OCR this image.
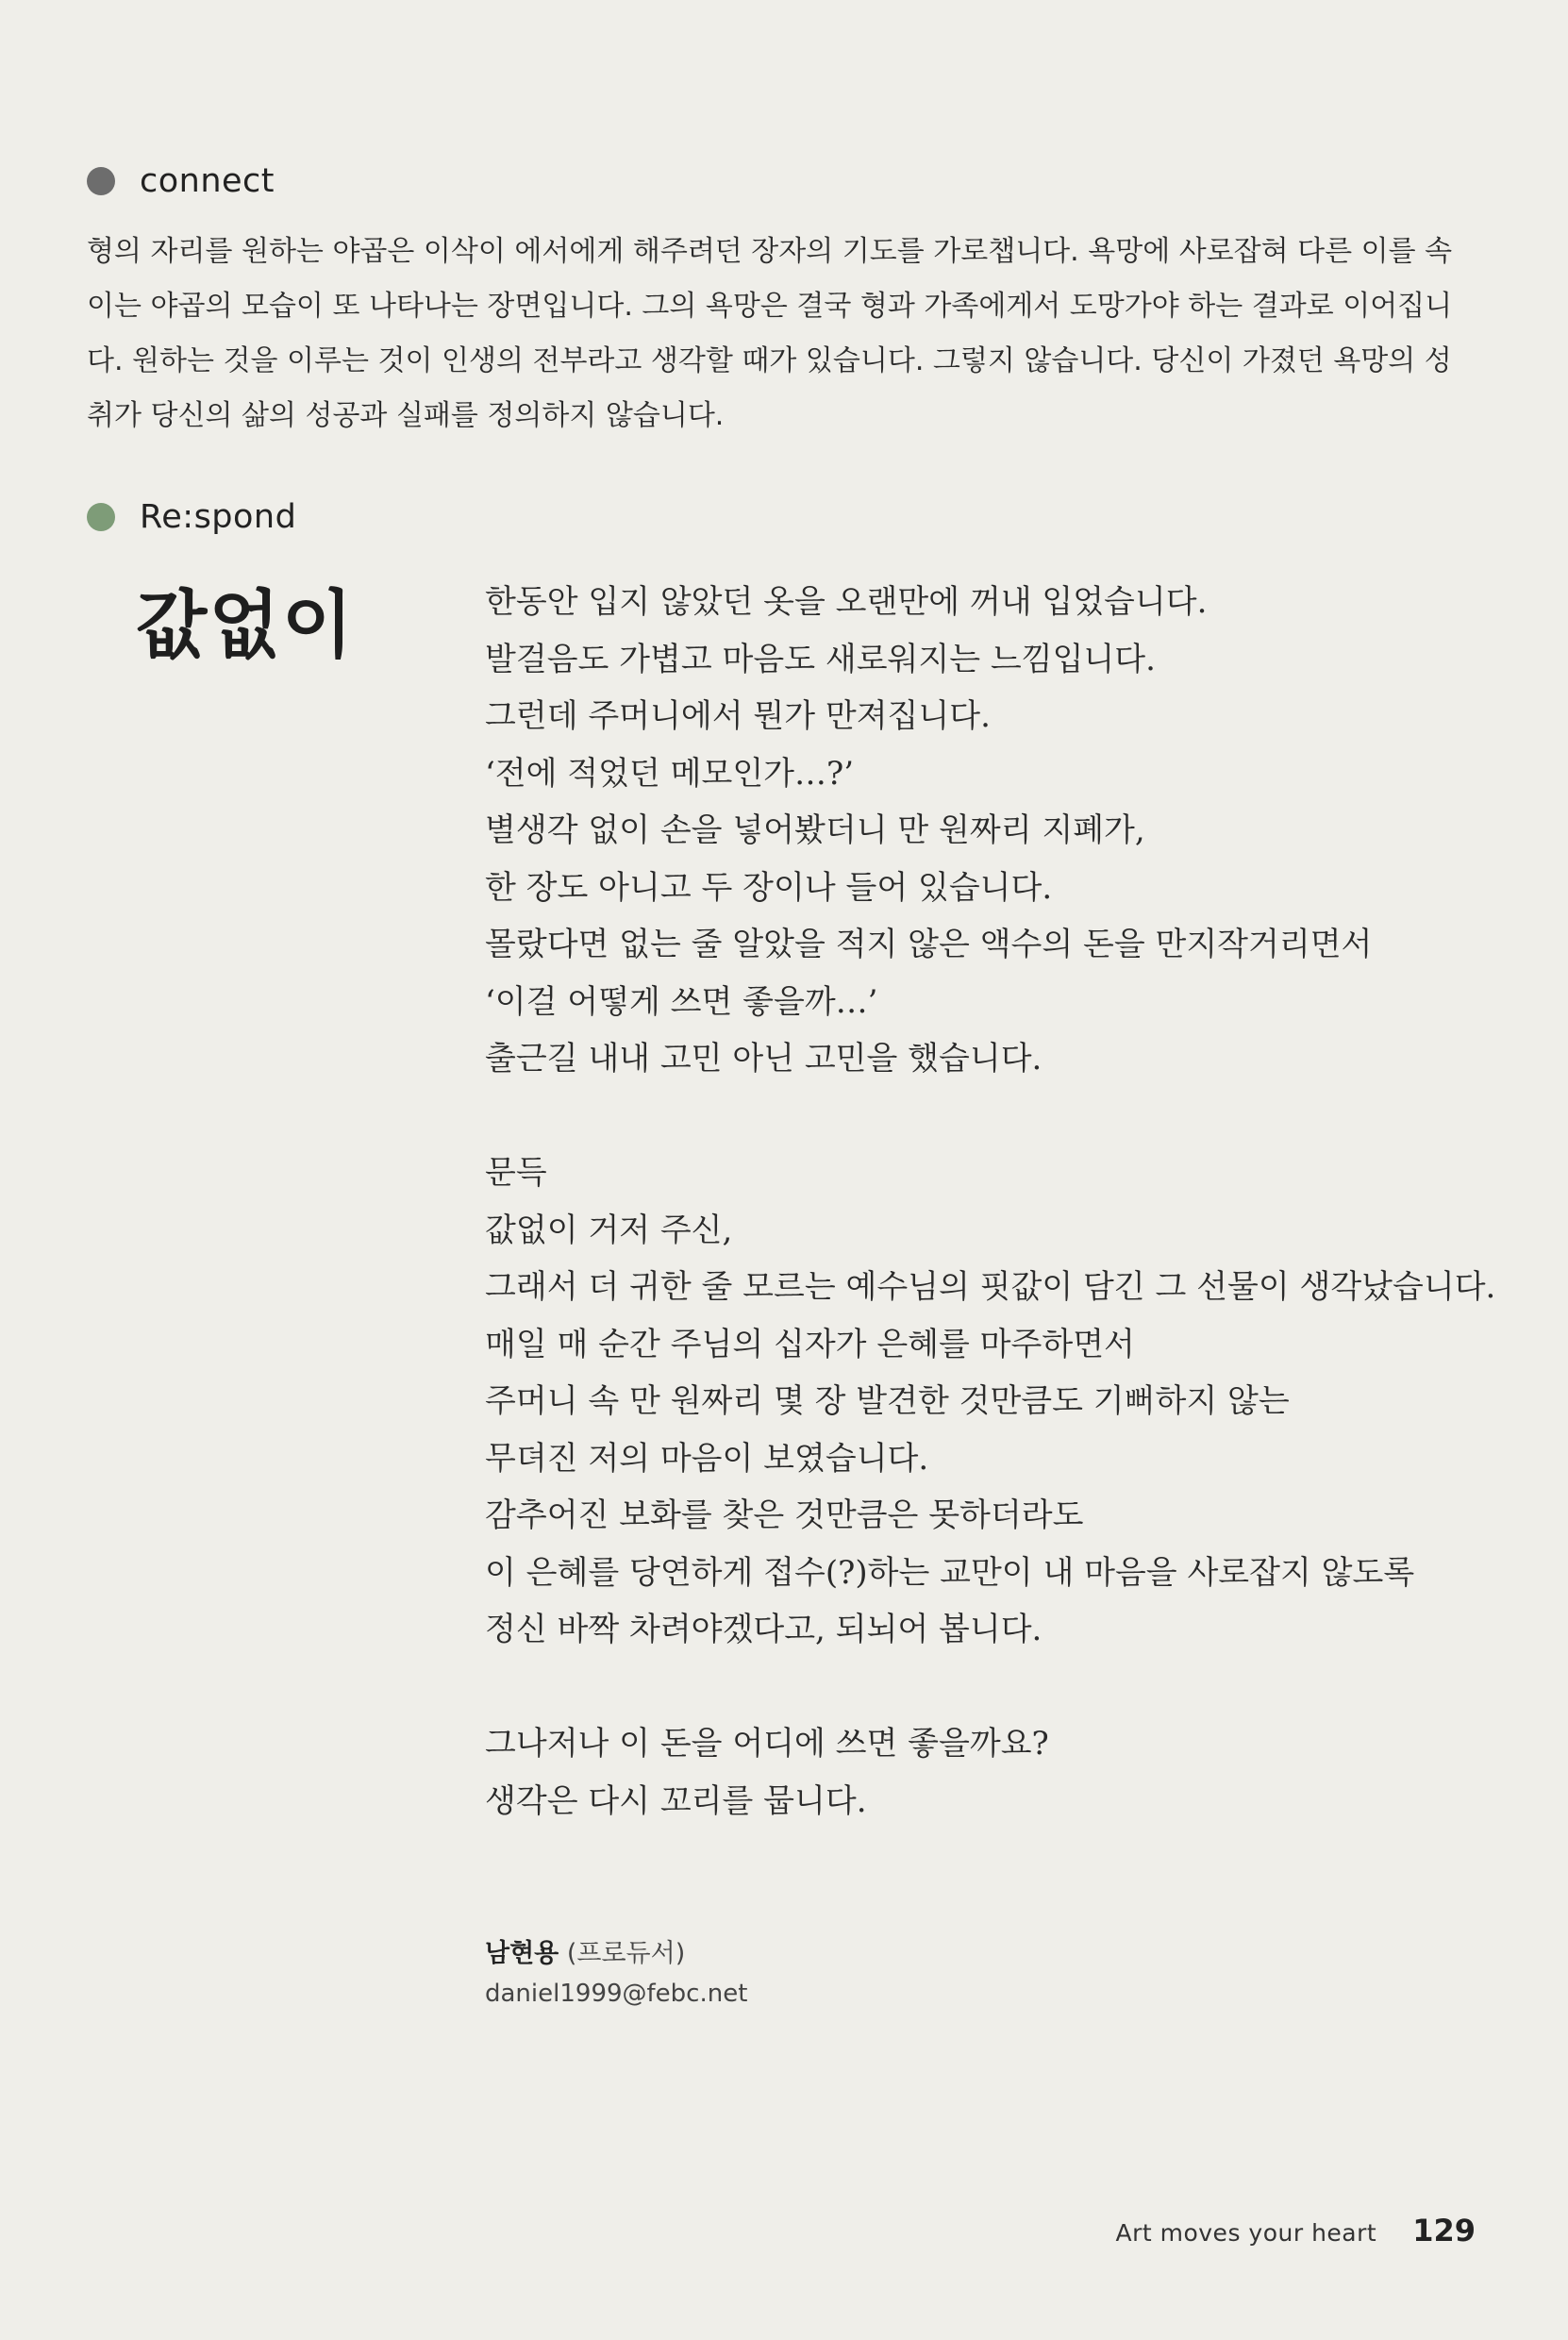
connect

형의 자리를 원하는 야곱은 이삭이 에서에게 해주려던 장자의 기도를 가로챕니다. 욕망에 사로잡혀 다른 이를 속이는 야곱의 모습이 또 나타나는 장면입니다. 그의 욕망은 결국 형과 가족에게서 도망가야 하는 결과로 이어집니다. 원하는 것을 이루는 것이 인생의 전부라고 생각할 때가 있습니다. 그렇지 않습니다. 당신이 가졌던 욕망의 성취가 당신의 삶의 성공과 실패를 정의하지 않습니다.

Re:spond
값없이	한동안 입지 않았던 옷을 오랜만에 꺼내 입었습니다.
발걸음도 가볍고 마음도 새로워지는 느낌입니다.
그런데 주머니에서 뭔가 만져집니다.
‘전에 적었던 메모인가…?’
별생각 없이 손을 넣어봤더니 만 원짜리 지폐가,
한 장도 아니고 두 장이나 들어 있습니다.
몰랐다면 없는 줄 알았을 적지 않은 액수의 돈을 만지작거리면서
‘이걸 어떻게 쓰면 좋을까…’
출근길 내내 고민 아닌 고민을 했습니다.
문득
값없이 거저 주신,
그래서 더 귀한 줄 모르는 예수님의 핏값이 담긴 그 선물이 생각났습니다.
매일 매 순간 주님의 십자가 은혜를 마주하면서
주머니 속 만 원짜리 몇 장 발견한 것만큼도 기뻐하지 않는
무뎌진 저의 마음이 보였습니다.
감추어진 보화를 찾은 것만큼은 못하더라도
이 은혜를 당연하게 접수(?)하는 교만이 내 마음을 사로잡지 않도록
정신 바짝 차려야겠다고, 되뇌어 봅니다.
그나저나 이 돈을 어디에 쓰면 좋을까요?
생각은 다시 꼬리를 뭅니다.
남현용 (프로듀서)
daniel1999@febc.net
Art moves your heart 129
